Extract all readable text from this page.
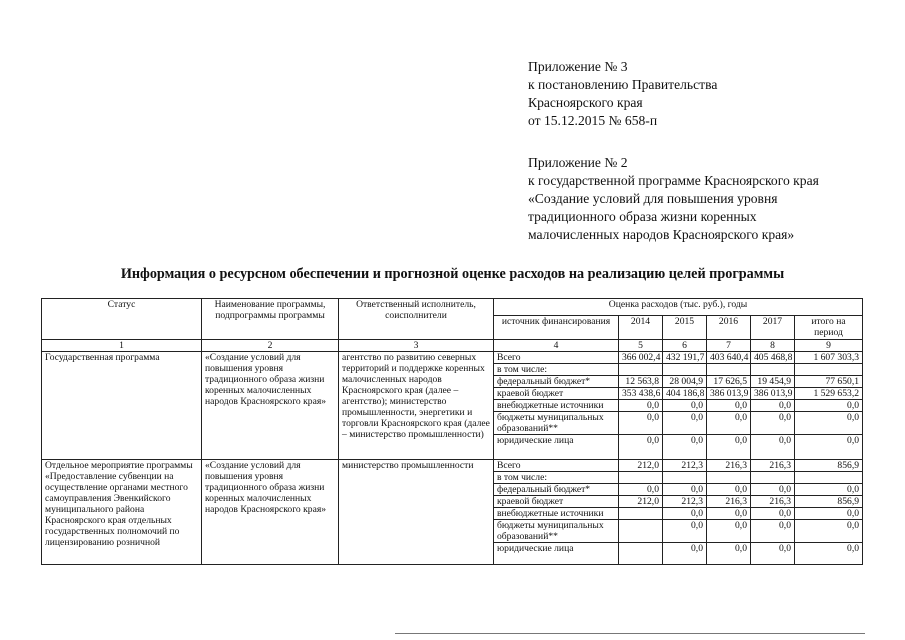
Приложение № 3
к постановлению Правительства
Красноярского края
от 15.12.2015 № 658-п
Приложение № 2
к государственной программе Красноярского края
«Создание условий для повышения уровня
традиционного образа жизни коренных
малочисленных народов Красноярского края»
Информация о ресурсном обеспечении и прогнозной оценке расходов на реализацию целей программы
Статус	Наименование программы, подпрограммы программы	Ответственный исполнитель, соисполнители	Оценка расходов (тыс. руб.), годы					
			источник финансирования	2014	2015	2016	2017	итого на период
1	2	3	4	5	6	7	8	9
Государственная программа	«Создание условий для повышения уровня традиционного образа жизни коренных малочисленных народов Красноярского края»	агентство по развитию северных территорий и поддержке коренных малочисленных народов Красноярского края (далее – агентство); министерство промышленности, энергетики и торговли Красноярского края (далее – министерство промышленности)	Всего	366 002,4	432 191,7	403 640,4	405 468,8	1 607 303,3
			в том числе:					
			федеральный бюджет*	12 563,8	28 004,9	17 626,5	19 454,9	77 650,1
			краевой бюджет	353 438,6	404 186,8	386 013,9	386 013,9	1 529 653,2
			внебюджетные источники	0,0	0,0	0,0	0,0	0,0
			бюджеты муниципальных образований**	0,0	0,0	0,0	0,0	0,0
			юридические лица	0,0	0,0	0,0	0,0	0,0
Отдельное мероприятие программы «Предоставление субвенции на осуществление органами местного самоуправления Эвенкийского муниципального района Красноярского края отдельных государственных полномочий по лицензированию розничной	«Создание условий для повышения уровня традиционного образа жизни коренных малочисленных народов Красноярского края»	министерство промышленности	Всего	212,0	212,3	216,3	216,3	856,9
			в том числе:					
			федеральный бюджет*	0,0	0,0	0,0	0,0	0,0
			краевой бюджет	212,0	212,3	216,3	216,3	856,9
			внебюджетные источники		0,0	0,0	0,0	0,0
			бюджеты муниципальных образований**		0,0	0,0	0,0	0,0
			юридические лица		0,0	0,0	0,0	0,0
